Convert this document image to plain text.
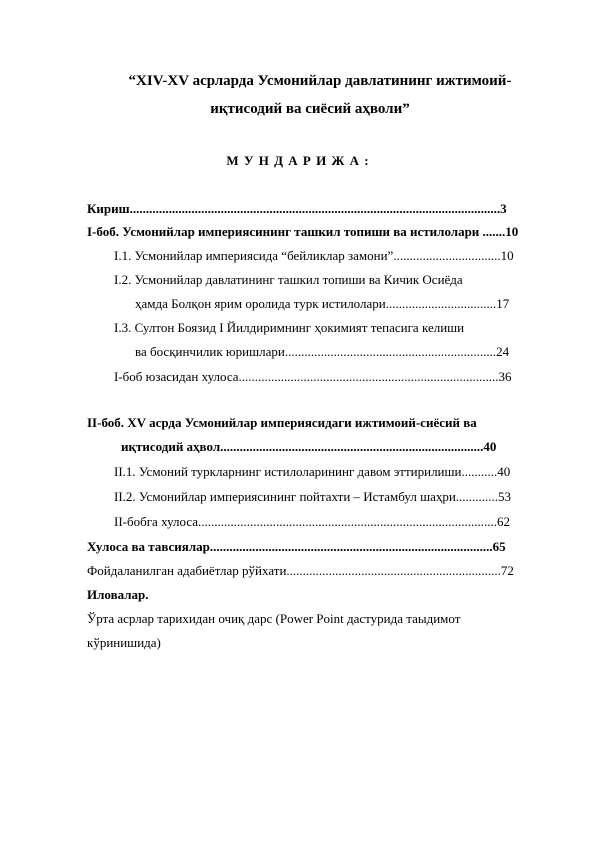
“XIV-XV асрларда Усмонийлар давлатининг ижтимоий-
иқтисодий ва сиёсий аҳволи”
М У Н Д А Р И Ж А :
Кириш..................................................................................................................3
I-боб. Усмонийлар империясининг ташкил топиши ва истилолари .......10
I.1. Усмонийлар империясида “бейликлар замони”.................................10
I.2. Усмонийлар давлатининг ташкил топиши ва Кичик Осиёда
ҳамда Болқон ярим оролида турк истилолари..................................17
I.3. Султон Боязид I Йилдиримнинг ҳокимият тепасига келиши
ва босқинчилик юришлари.................................................................24
I-боб юзасидан хулоса................................................................................36
II-боб. XV асрда Усмонийлар империясидаги ижтимоий-сиёсий ва
иқтисодий аҳвол.................................................................................40
II.1. Усмоний туркларнинг истилоларининг давом эттирилиши...........40
II.2. Усмонийлар империясининг пойтахти – Истамбул шаҳри.............53
II-бобга хулоса............................................................................................62
Хулоса ва тавсиялар.......................................................................................65
Фойдаланилган адабиётлар рўйхати..................................................................72
Иловалар.
Ўрта асрлар тарихидан очиқ дарс (Power Point дастурида таыдимот
кўринишида)
